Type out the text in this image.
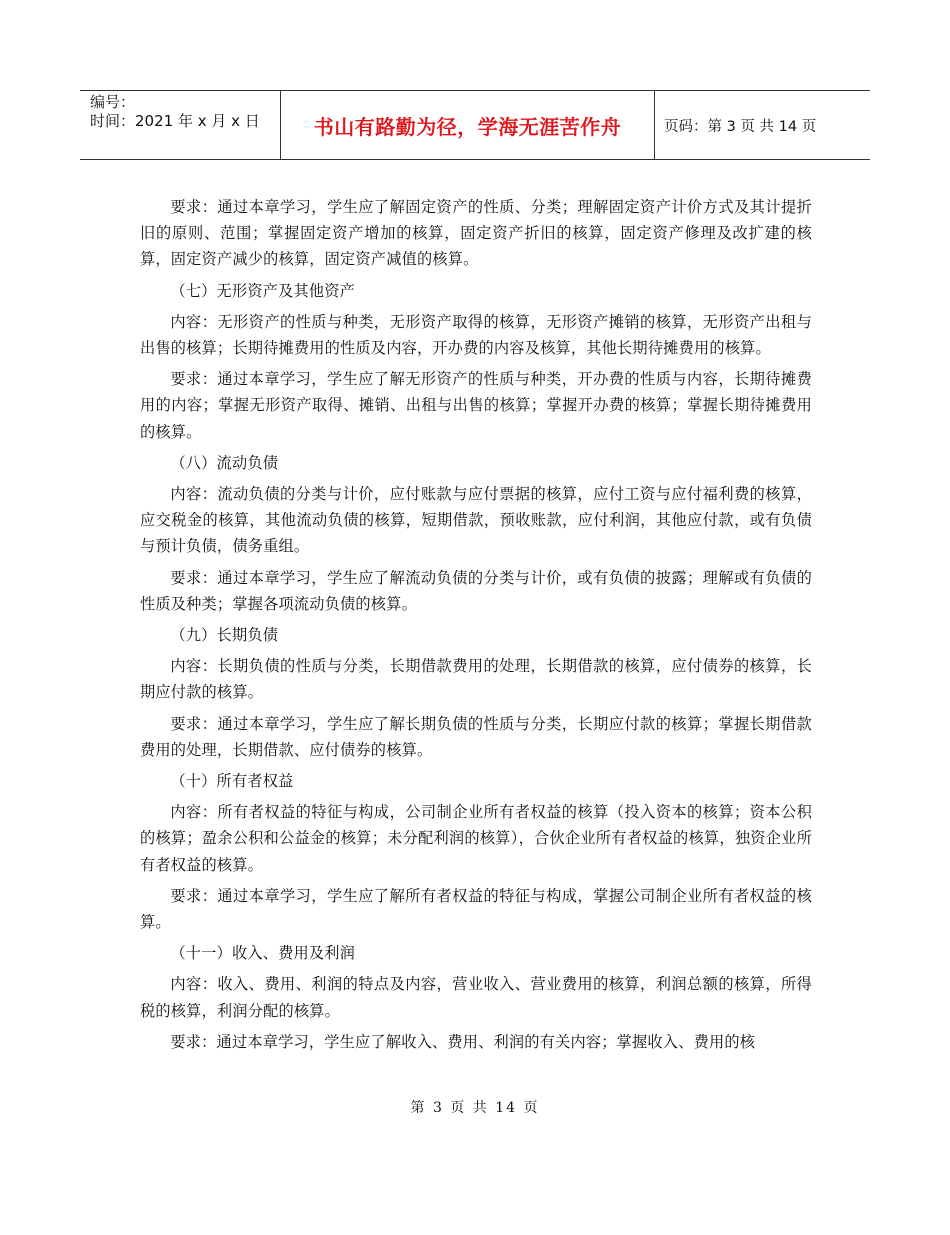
编号：
时间：2021 年 x 月 x 日	书山有路勤为径，学海无涯苦作舟	页码：第 3 页 共 14 页

要求：通过本章学习，学生应了解固定资产的性质、分类；理解固定资产计价方式及其计提折旧的原则、范围；掌握固定资产增加的核算，固定资产折旧的核算，固定资产修理及改扩建的核算，固定资产减少的核算，固定资产减值的核算。

（七）无形资产及其他资产

内容：无形资产的性质与种类，无形资产取得的核算，无形资产摊销的核算，无形资产出租与出售的核算；长期待摊费用的性质及内容，开办费的内容及核算，其他长期待摊费用的核算。

要求：通过本章学习，学生应了解无形资产的性质与种类，开办费的性质与内容，长期待摊费用的内容；掌握无形资产取得、摊销、出租与出售的核算；掌握开办费的核算；掌握长期待摊费用的核算。

（八）流动负债

内容：流动负债的分类与计价，应付账款与应付票据的核算，应付工资与应付福利费的核算，应交税金的核算，其他流动负债的核算，短期借款，预收账款，应付利润，其他应付款，或有负债与预计负债，债务重组。

要求：通过本章学习，学生应了解流动负债的分类与计价，或有负债的披露；理解或有负债的性质及种类；掌握各项流动负债的核算。

（九）长期负债

内容：长期负债的性质与分类，长期借款费用的处理，长期借款的核算，应付债券的核算，长期应付款的核算。

要求：通过本章学习，学生应了解长期负债的性质与分类，长期应付款的核算；掌握长期借款费用的处理，长期借款、应付债券的核算。

（十）所有者权益

内容：所有者权益的特征与构成，公司制企业所有者权益的核算（投入资本的核算；资本公积的核算；盈余公积和公益金的核算；未分配利润的核算），合伙企业所有者权益的核算，独资企业所有者权益的核算。

要求：通过本章学习，学生应了解所有者权益的特征与构成，掌握公司制企业所有者权益的核算。

（十一）收入、费用及利润

内容：收入、费用、利润的特点及内容，营业收入、营业费用的核算，利润总额的核算，所得税的核算，利润分配的核算。

要求：通过本章学习，学生应了解收入、费用、利润的有关内容；掌握收入、费用的核

第 3 页 共 14 页
